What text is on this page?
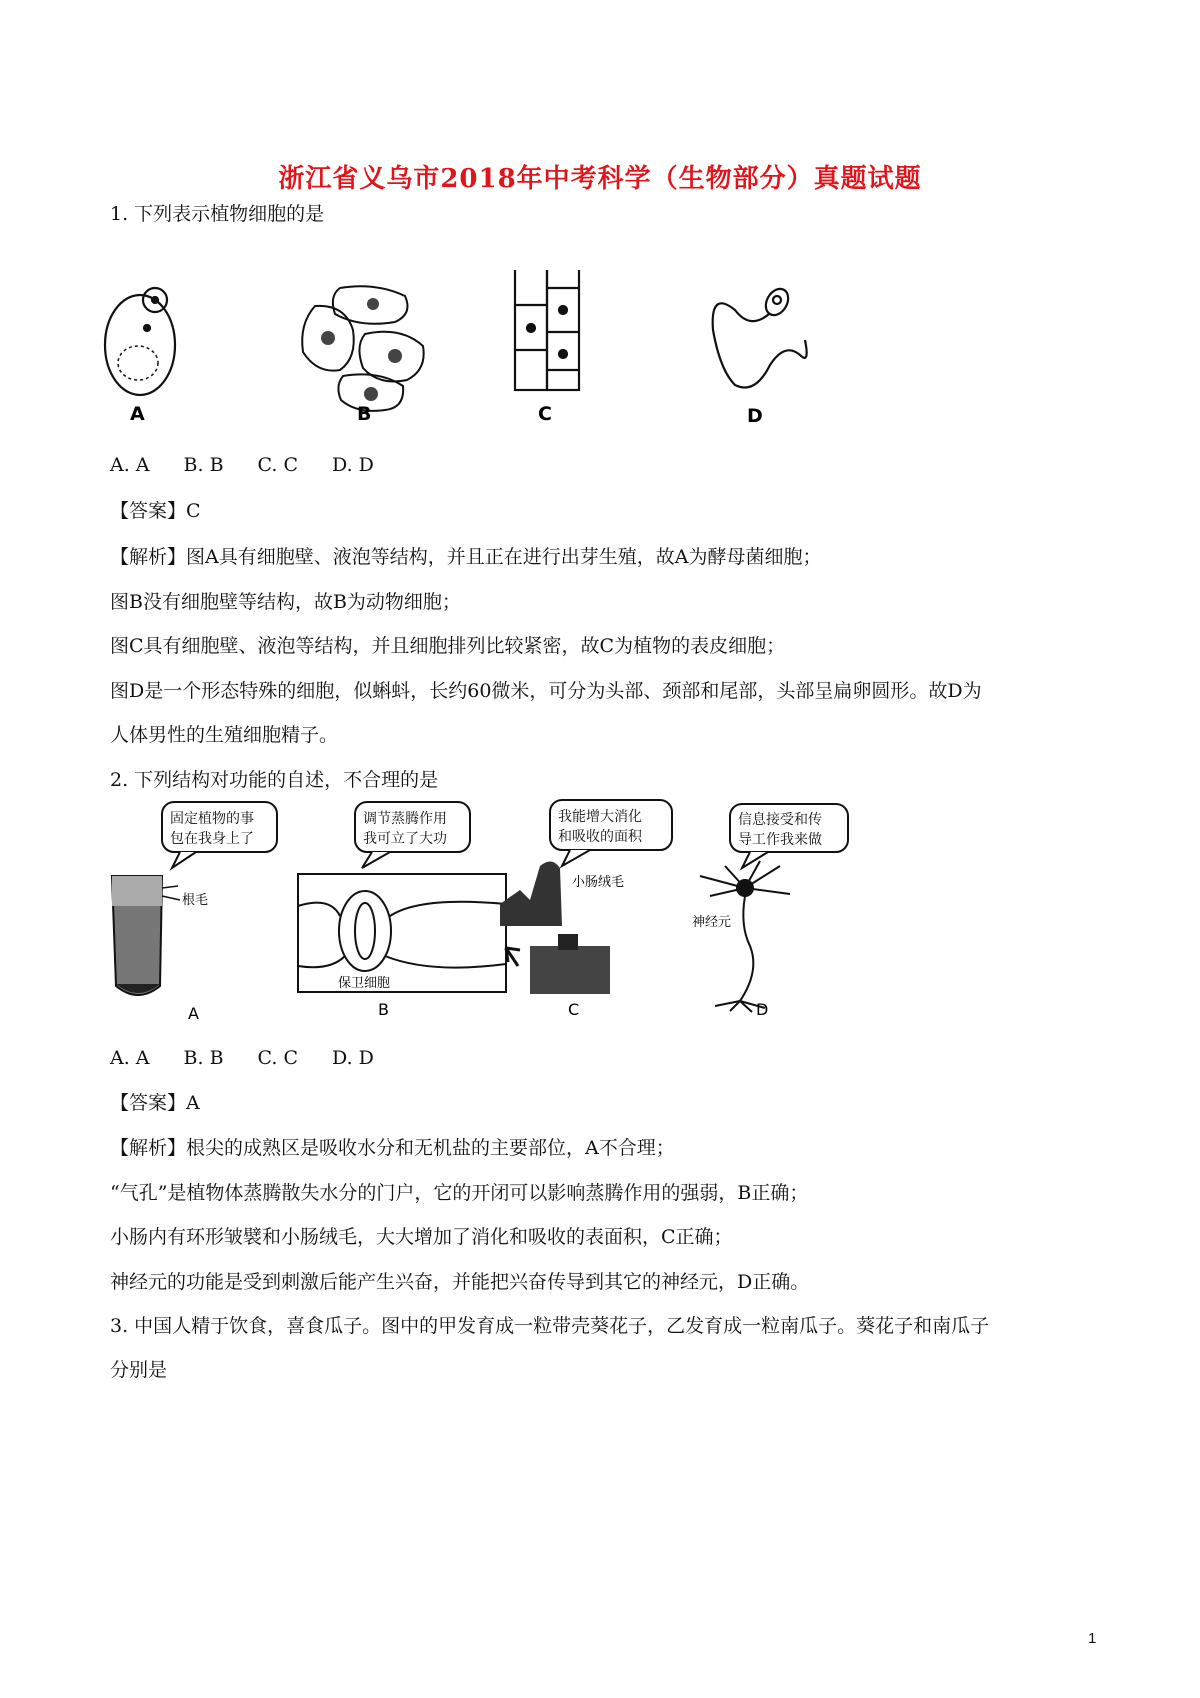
浙江省义乌市2018年中考科学（生物部分）真题试题
1. 下列表示植物细胞的是
A	B	C	D
A. A B. B C. C D. D
【答案】C
【解析】图A具有细胞壁、液泡等结构，并且正在进行出芽生殖，故A为酵母菌细胞；
图B没有细胞壁等结构，故B为动物细胞；
图C具有细胞壁、液泡等结构，并且细胞排列比较紧密，故C为植物的表皮细胞；
图D是一个形态特殊的细胞，似蝌蚪，长约60微米，可分为头部、颈部和尾部，头部呈扁卵圆形。故D为
人体男性的生殖细胞精子。
2. 下列结构对功能的自述，不合理的是
固定植物的事
包在我身上了
调节蒸腾作用
我可立了大功
我能增大消化
和吸收的面积
信息接受和传
导工作我来做
根毛
保卫细胞
小肠绒毛
神经元
A	B	C	D
A. A B. B C. C D. D
【答案】A
【解析】根尖的成熟区是吸收水分和无机盐的主要部位，A不合理；
“气孔”是植物体蒸腾散失水分的门户，它的开闭可以影响蒸腾作用的强弱，B正确；
小肠内有环形皱襞和小肠绒毛，大大增加了消化和吸收的表面积，C正确；
神经元的功能是受到刺激后能产生兴奋，并能把兴奋传导到其它的神经元，D正确。
3. 中国人精于饮食，喜食瓜子。图中的甲发育成一粒带壳葵花子，乙发育成一粒南瓜子。葵花子和南瓜子
分别是
1
